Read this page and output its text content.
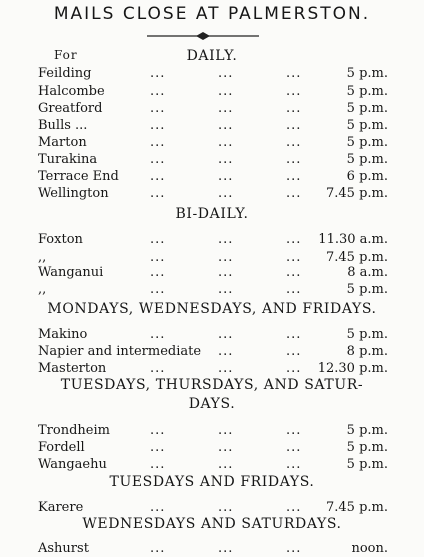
MAILS CLOSE AT PALMERSTON.
For	DAILY.
Feilding	...	...	...	5 p.m.
Halcombe	...	...	...	5 p.m.
Greatford	...	...	...	5 p.m.
Bulls ...	...	...	...	5 p.m.
Marton	...	...	...	5 p.m.
Turakina	...	...	...	5 p.m.
Terrace End ...	...	...	6 p.m.
Wellington	...	...	... 7.45 p.m.
BI-DAILY.
Foxton	...	...	... 11.30 a.m.
,,	...	...	... 7.45 p.m.
Wanganui	...	...	...	8 a.m.
,,	...	...	...	5 p.m.
MONDAYS, WEDNESDAYS, AND FRIDAYS.
Makino	...	...	...	5 p.m.
Napier and intermediate ...	...	8 p.m.
Masterton	...	...	... 12.30 p.m.
TUESDAYS, THURSDAYS, AND SATUR-
DAYS.
Trondheim	...	...	...	5 p.m.
Fordell	...	...	...	5 p.m.
Wangaehu	...	...	...	5 p.m.
TUESDAYS AND FRIDAYS.
Karere	...	...	... 7.45 p.m.
WEDNESDAYS AND SATURDAYS.
Ashurst	...	...	...	noon.
